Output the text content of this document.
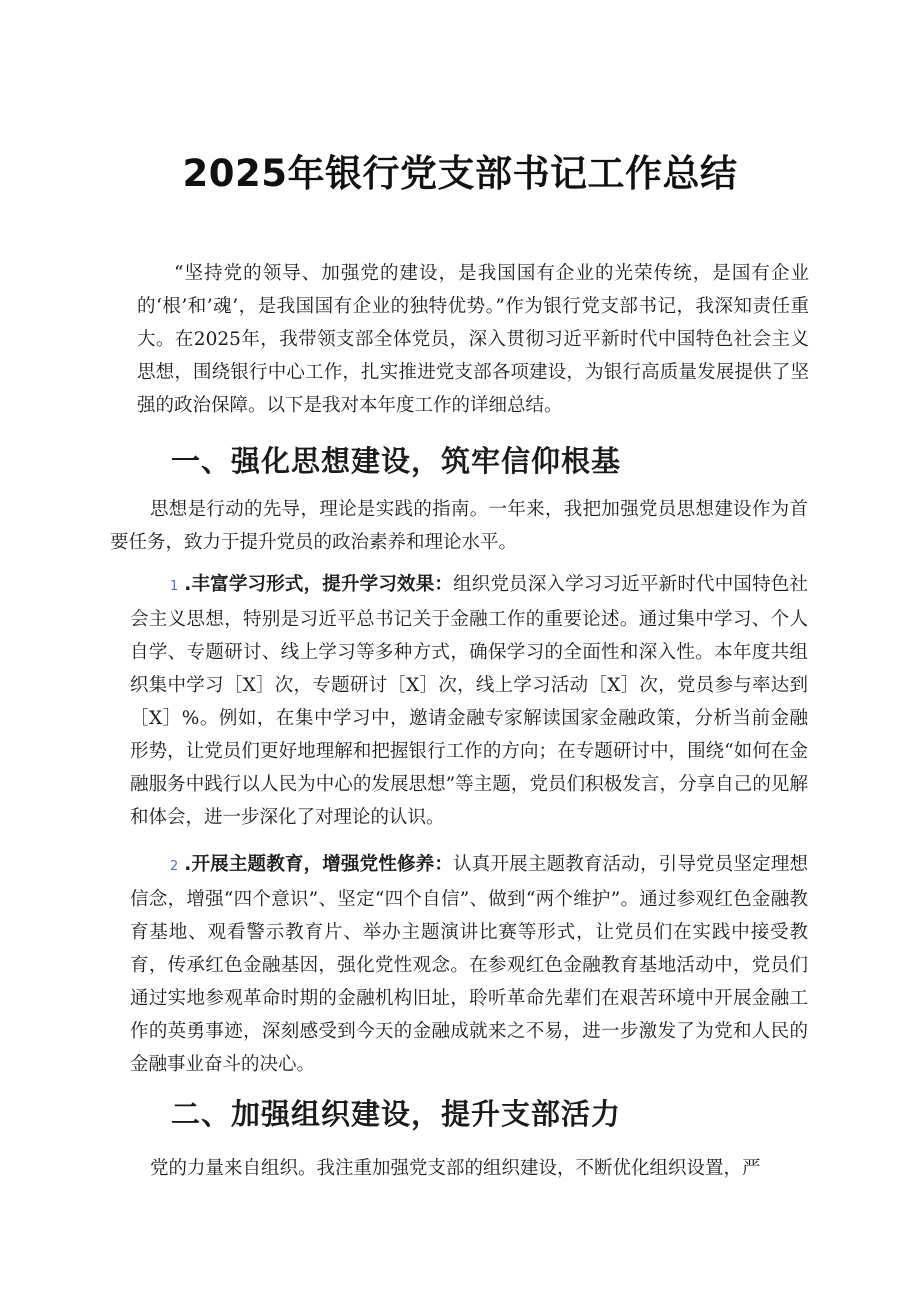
2025年银行党支部书记工作总结

“坚持党的领导、加强党的建设，是我国国有企业的光荣传统，是国有企业的‘根’和’魂’，是我国国有企业的独特优势。”作为银行党支部书记，我深知责任重大。在2025年，我带领支部全体党员，深入贯彻习近平新时代中国特色社会主义思想，围绕银行中心工作，扎实推进党支部各项建设，为银行高质量发展提供了坚强的政治保障。以下是我对本年度工作的详细总结。

一、强化思想建设，筑牢信仰根基

思想是行动的先导，理论是实践的指南。一年来，我把加强党员思想建设作为首要任务，致力于提升党员的政治素养和理论水平。

1 .丰富学习形式，提升学习效果：组织党员深入学习习近平新时代中国特色社会主义思想，特别是习近平总书记关于金融工作的重要论述。通过集中学习、个人自学、专题研讨、线上学习等多种方式，确保学习的全面性和深入性。本年度共组织集中学习［X］次，专题研讨［X］次，线上学习活动［X］次，党员参与率达到［X］%。例如，在集中学习中，邀请金融专家解读国家金融政策，分析当前金融形势，让党员们更好地理解和把握银行工作的方向；在专题研讨中，围绕“如何在金融服务中践行以人民为中心的发展思想”等主题，党员们积极发言，分享自己的见解和体会，进一步深化了对理论的认识。

2 .开展主题教育，增强党性修养：认真开展主题教育活动，引导党员坚定理想信念，增强“四个意识”、坚定“四个自信”、做到“两个维护”。通过参观红色金融教育基地、观看警示教育片、举办主题演讲比赛等形式，让党员们在实践中接受教育，传承红色金融基因，强化党性观念。在参观红色金融教育基地活动中，党员们通过实地参观革命时期的金融机构旧址，聆听革命先辈们在艰苦环境中开展金融工作的英勇事迹，深刻感受到今天的金融成就来之不易，进一步激发了为党和人民的金融事业奋斗的决心。

二、加强组织建设，提升支部活力

党的力量来自组织。我注重加强党支部的组织建设，不断优化组织设置，严
